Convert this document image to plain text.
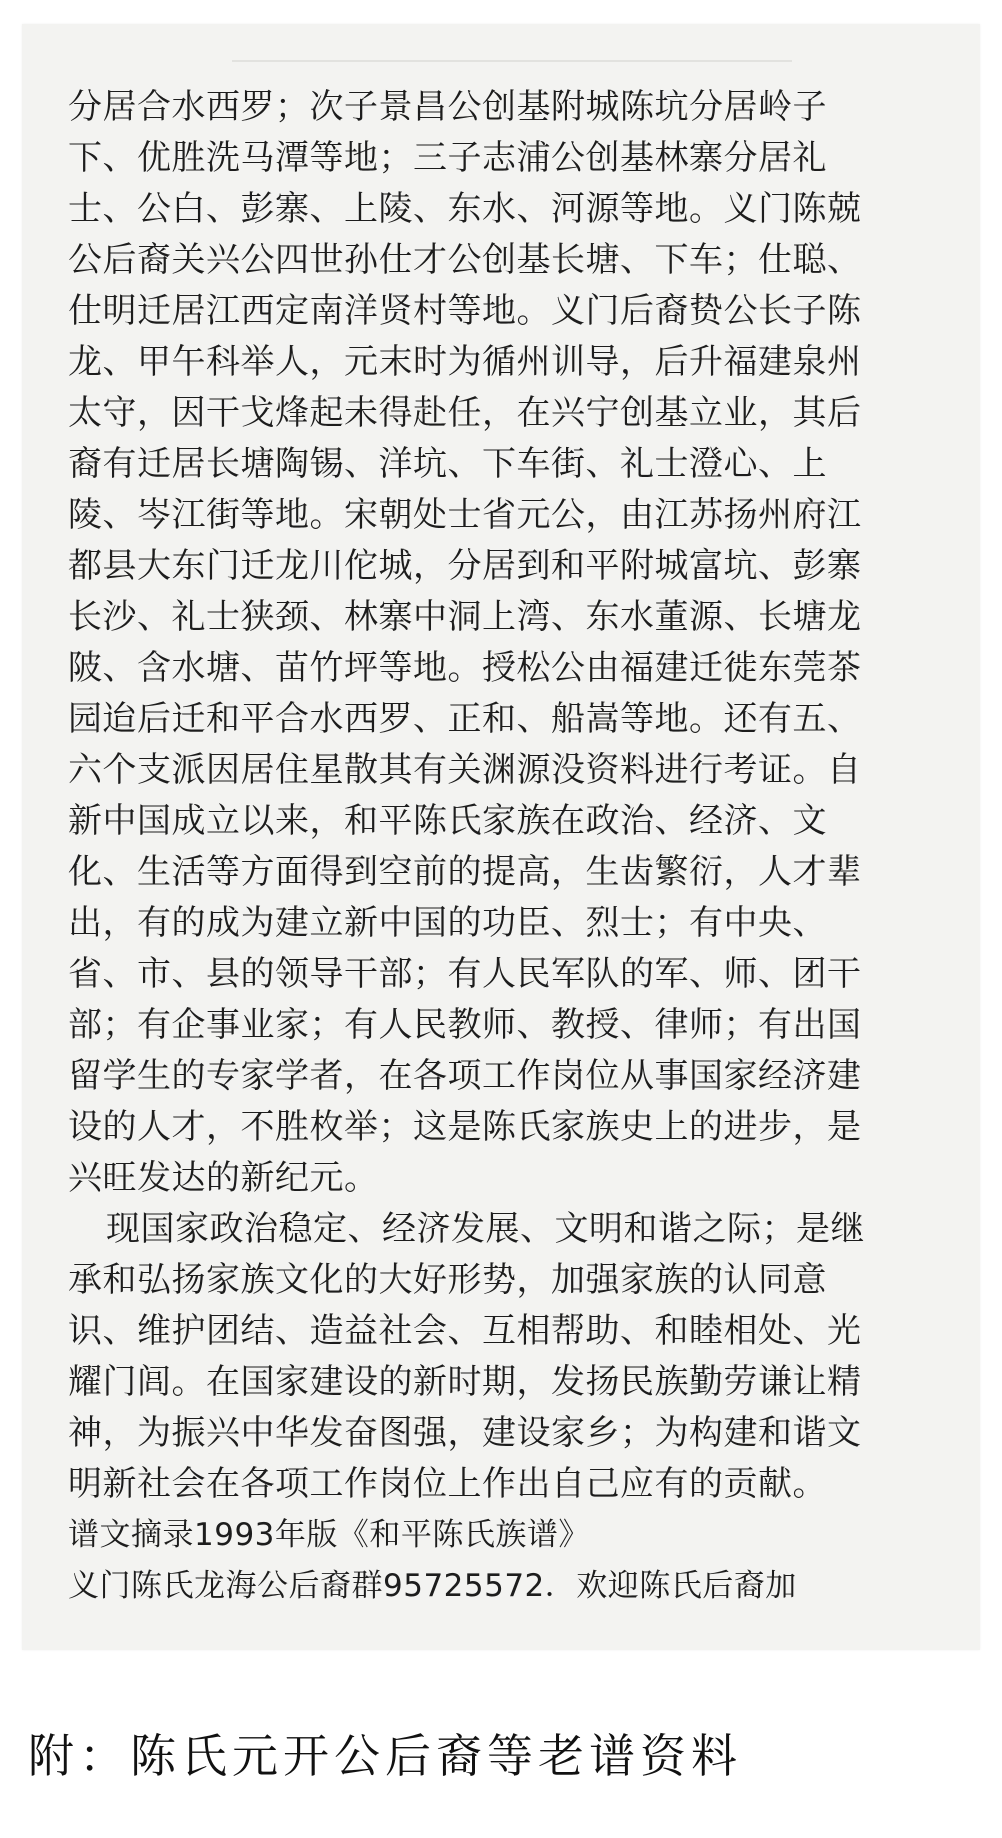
分居合水西罗；次子景昌公创基附城陈坑分居岭子
下、优胜洗马潭等地；三子志浦公创基林寨分居礼
士、公白、彭寨、上陵、东水、河源等地。义门陈兢
公后裔关兴公四世孙仕才公创基长塘、下车；仕聪、
仕明迁居江西定南洋贤村等地。义门后裔贽公长子陈
龙、甲午科举人，元末时为循州训导，后升福建泉州
太守，因干戈烽起未得赴任，在兴宁创基立业，其后
裔有迁居长塘陶锡、洋坑、下车街、礼士澄心、上
陵、岑江街等地。宋朝处士省元公，由江苏扬州府江
都县大东门迁龙川佗城，分居到和平附城富坑、彭寨
长沙、礼士狭颈、林寨中洞上湾、东水董源、长塘龙
陂、含水塘、苗竹坪等地。授松公由福建迁徙东莞茶
园迨后迁和平合水西罗、正和、船嵩等地。还有五、
六个支派因居住星散其有关渊源没资料进行考证。自
新中国成立以来，和平陈氏家族在政治、经济、文
化、生活等方面得到空前的提高，生齿繁衍，人才辈
出，有的成为建立新中国的功臣、烈士；有中央、
省、市、县的领导干部；有人民军队的军、师、团干
部；有企事业家；有人民教师、教授、律师；有出国
留学生的专家学者，在各项工作岗位从事国家经济建
设的人才，不胜枚举；这是陈氏家族史上的进步，是
兴旺发达的新纪元。
现国家政治稳定、经济发展、文明和谐之际；是继
承和弘扬家族文化的大好形势，加强家族的认同意
识、维护团结、造益社会、互相帮助、和睦相处、光
耀门闾。在国家建设的新时期，发扬民族勤劳谦让精
神，为振兴中华发奋图强，建设家乡；为构建和谐文
明新社会在各项工作岗位上作出自己应有的贡献。
谱文摘录1993年版《和平陈氏族谱》
义门陈氏龙海公后裔群95725572．欢迎陈氏后裔加
附：陈氏元开公后裔等老谱资料
